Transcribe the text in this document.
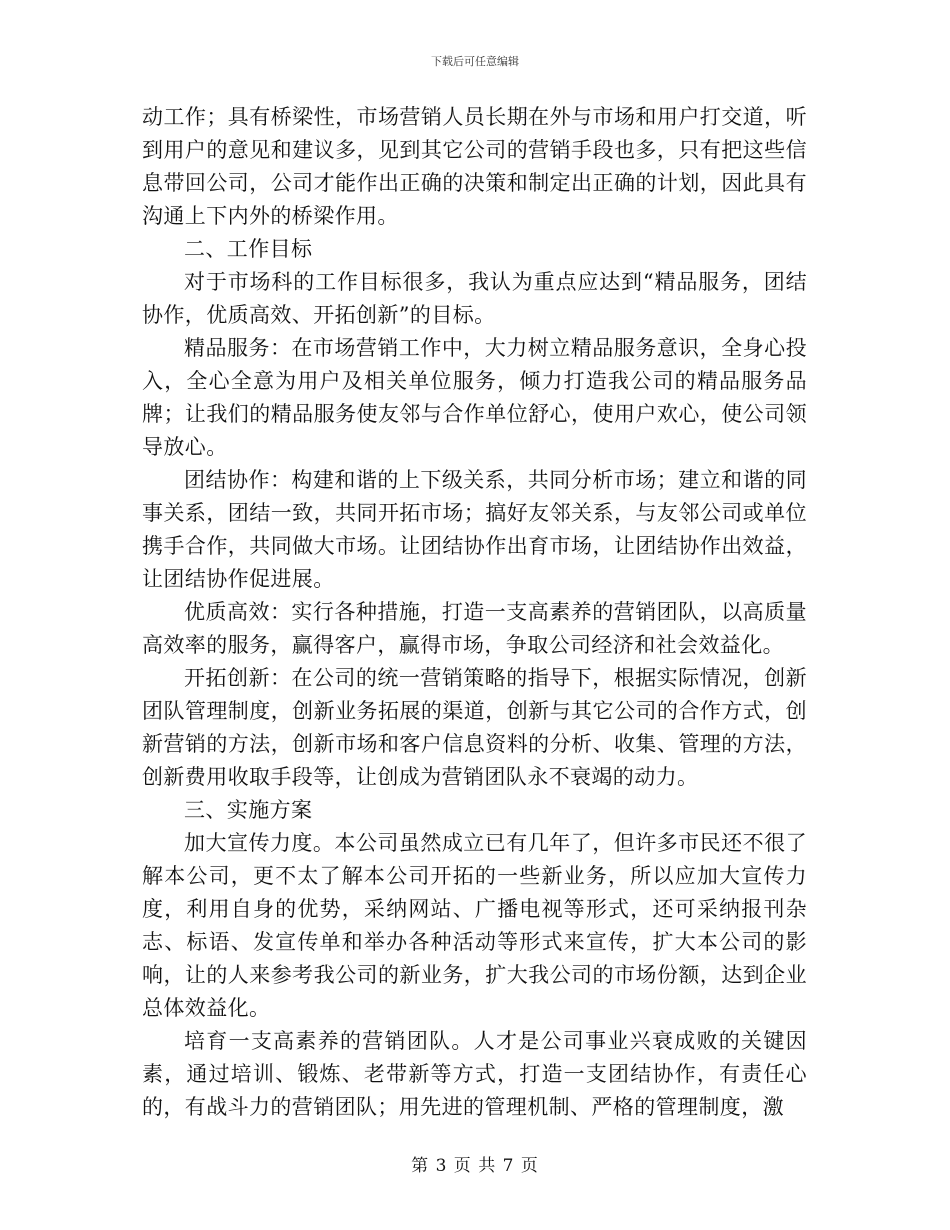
下载后可任意编辑

动工作；具有桥梁性，市场营销人员长期在外与市场和用户打交道，听到用户的意见和建议多，见到其它公司的营销手段也多，只有把这些信息带回公司，公司才能作出正确的决策和制定出正确的计划，因此具有沟通上下内外的桥梁作用。

二、工作目标

对于市场科的工作目标很多，我认为重点应达到“精品服务，团结协作，优质高效、开拓创新”的目标。

精品服务：在市场营销工作中，大力树立精品服务意识，全身心投入，全心全意为用户及相关单位服务，倾力打造我公司的精品服务品牌；让我们的精品服务使友邻与合作单位舒心，使用户欢心，使公司领导放心。

团结协作：构建和谐的上下级关系，共同分析市场；建立和谐的同事关系，团结一致，共同开拓市场；搞好友邻关系，与友邻公司或单位携手合作，共同做大市场。让团结协作出育市场，让团结协作出效益，让团结协作促进展。

优质高效：实行各种措施，打造一支高素养的营销团队，以高质量高效率的服务，赢得客户，赢得市场，争取公司经济和社会效益化。

开拓创新：在公司的统一营销策略的指导下，根据实际情况，创新团队管理制度，创新业务拓展的渠道，创新与其它公司的合作方式，创新营销的方法，创新市场和客户信息资料的分析、收集、管理的方法，创新费用收取手段等，让创成为营销团队永不衰竭的动力。

三、实施方案

加大宣传力度。本公司虽然成立已有几年了，但许多市民还不很了解本公司，更不太了解本公司开拓的一些新业务，所以应加大宣传力度，利用自身的优势，采纳网站、广播电视等形式，还可采纳报刊杂志、标语、发宣传单和举办各种活动等形式来宣传，扩大本公司的影响，让的人来参考我公司的新业务，扩大我公司的市场份额，达到企业总体效益化。

培育一支高素养的营销团队。人才是公司事业兴衰成败的关键因素，通过培训、锻炼、老带新等方式，打造一支团结协作，有责任心的，有战斗力的营销团队；用先进的管理机制、严格的管理制度，激

第 3 页 共 7 页
